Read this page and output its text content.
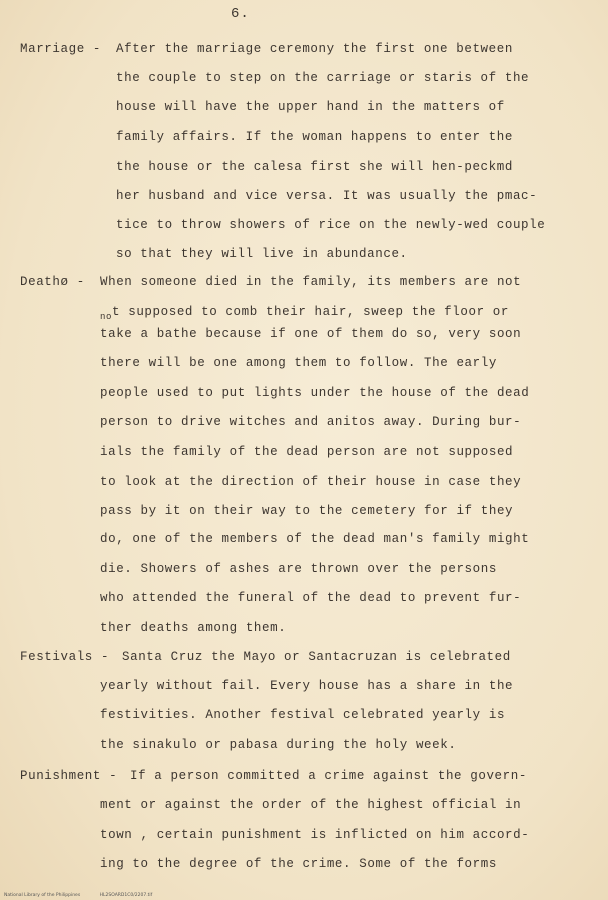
6.
Marriage - After the marriage ceremony the first one between
the couple to step on the carriage or staris of the
house will have the upper hand in the matters of
family affairs. If the woman happens to enter the
the house or the calesa first she will hen-peckmd
her husband and vice versa. It was usually the pmac-
tice to throw showers of rice on the newly-wed couple
so that they will live in abundance.
Deathø - When someone died in the family, its members are not
$_{no}$t supposed to comb their hair, sweep the floor or
take a bathe because if one of them do so, very soon
there will be one among them to follow. The early
people used to put lights under the house of the dead
person to drive witches and anitos away. During bur-
ials the family of the dead person are not supposed
to look at the direction of their house in case they
pass by it on their way to the cemetery for if they
do, one of the members of the dead man's family might
die. Showers of ashes are thrown over the persons
who attended the funeral of the dead to prevent fur-
ther deaths among them.
Festivals - Santa Cruz the Mayo or Santacruzan is celebrated
yearly without fail. Every house has a share in the
festivities. Another festival celebrated yearly is
the sinakulo or pabasa during the holy week.
Punishment - If a person committed a crime against the govern-
ment or against the order of the highest official in
town , certain punishment is inflicted on him accord-
ing to the degree of the crime. Some of the forms
National Library of the Philippines	HL2SOARD1C0/2207.tif
